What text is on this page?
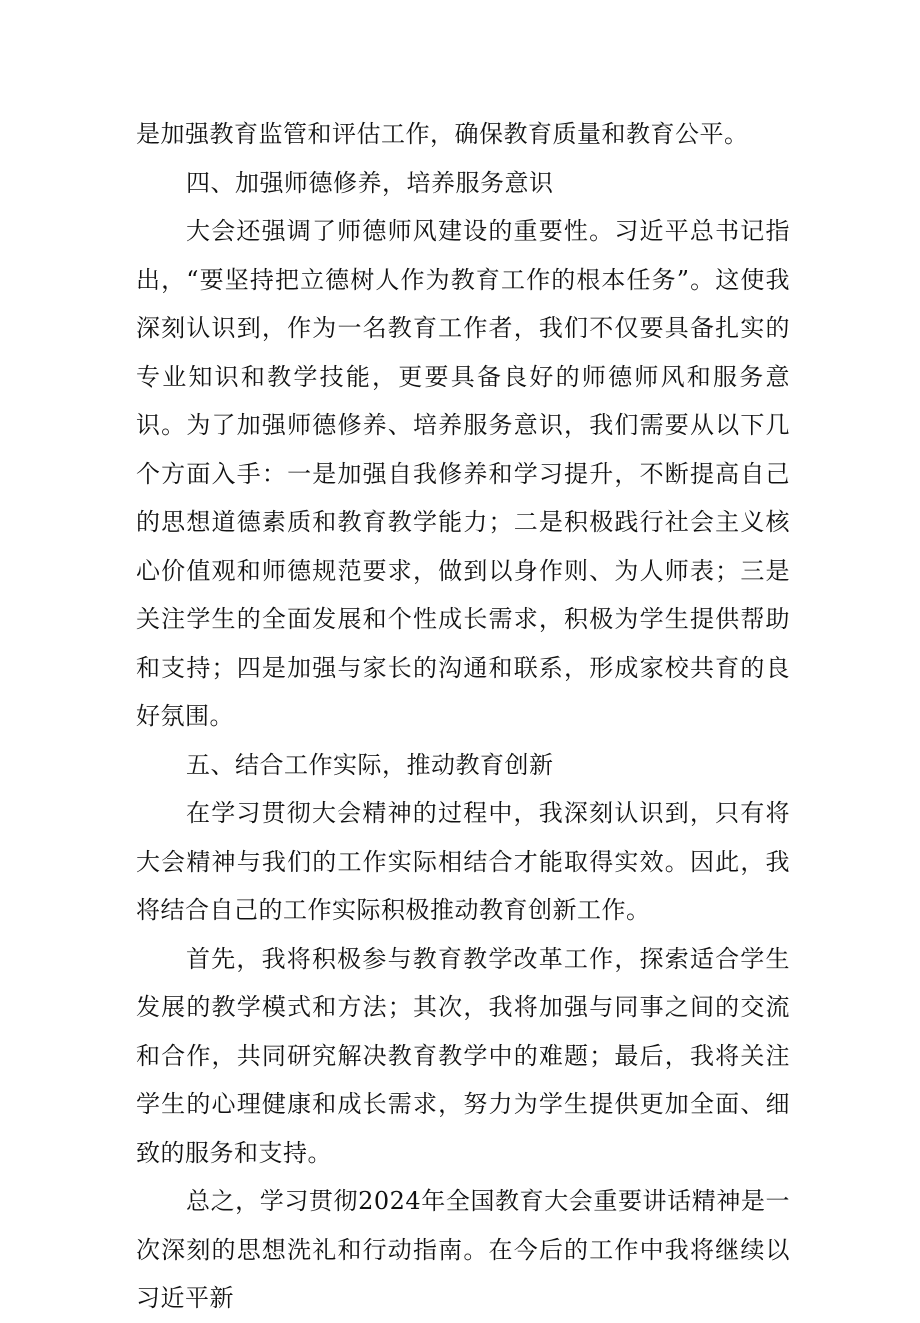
是加强教育监管和评估工作，确保教育质量和教育公平。

四、加强师德修养，培养服务意识

大会还强调了师德师风建设的重要性。习近平总书记指出，“要坚持把立德树人作为教育工作的根本任务”。这使我深刻认识到，作为一名教育工作者，我们不仅要具备扎实的专业知识和教学技能，更要具备良好的师德师风和服务意识。为了加强师德修养、培养服务意识，我们需要从以下几个方面入手：一是加强自我修养和学习提升，不断提高自己的思想道德素质和教育教学能力；二是积极践行社会主义核心价值观和师德规范要求，做到以身作则、为人师表；三是关注学生的全面发展和个性成长需求，积极为学生提供帮助和支持；四是加强与家长的沟通和联系，形成家校共育的良好氛围。

五、结合工作实际，推动教育创新

在学习贯彻大会精神的过程中，我深刻认识到，只有将大会精神与我们的工作实际相结合才能取得实效。因此，我将结合自己的工作实际积极推动教育创新工作。

首先，我将积极参与教育教学改革工作，探索适合学生发展的教学模式和方法；其次，我将加强与同事之间的交流和合作，共同研究解决教育教学中的难题；最后，我将关注学生的心理健康和成长需求，努力为学生提供更加全面、细致的服务和支持。

总之，学习贯彻2024年全国教育大会重要讲话精神是一次深刻的思想洗礼和行动指南。在今后的工作中我将继续以习近平新
